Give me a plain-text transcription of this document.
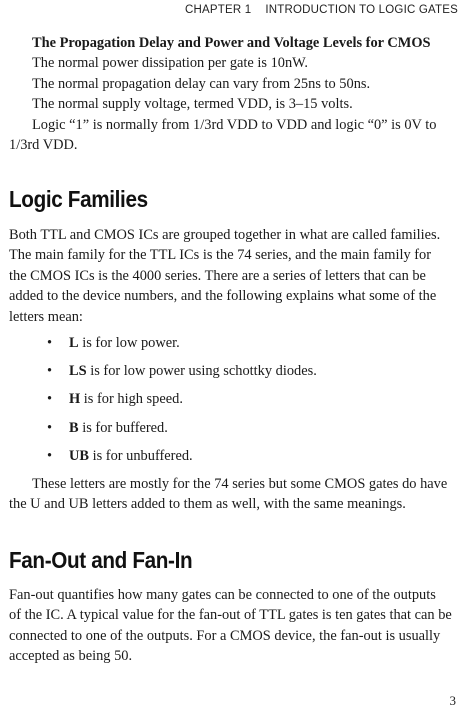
CHAPTER 1 INTRODUCTION TO LOGIC GATES

The Propagation Delay and Power and Voltage Levels for CMOS

The normal power dissipation per gate is 10nW.

The normal propagation delay can vary from 25ns to 50ns.

The normal supply voltage, termed VDD, is 3–15 volts.

Logic “1” is normally from 1/3rd VDD to VDD and logic “0” is 0V to

1/3rd VDD.

Logic Families

Both TTL and CMOS ICs are grouped together in what are called families.

The main family for the TTL ICs is the 74 series, and the main family for

the CMOS ICs is the 4000 series. There are a series of letters that can be

added to the device numbers, and the following explains what some of the

letters mean:

• L is for low power.
• LS is for low power using schottky diodes.
• H is for high speed.
• B is for buffered.
• UB is for unbuffered.

These letters are mostly for the 74 series but some CMOS gates do have

the U and UB letters added to them as well, with the same meanings.

Fan-Out and Fan-In

Fan-out quantifies how many gates can be connected to one of the outputs

of the IC. A typical value for the fan-out of TTL gates is ten gates that can be

connected to one of the outputs. For a CMOS device, the fan-out is usually

accepted as being 50.

3
